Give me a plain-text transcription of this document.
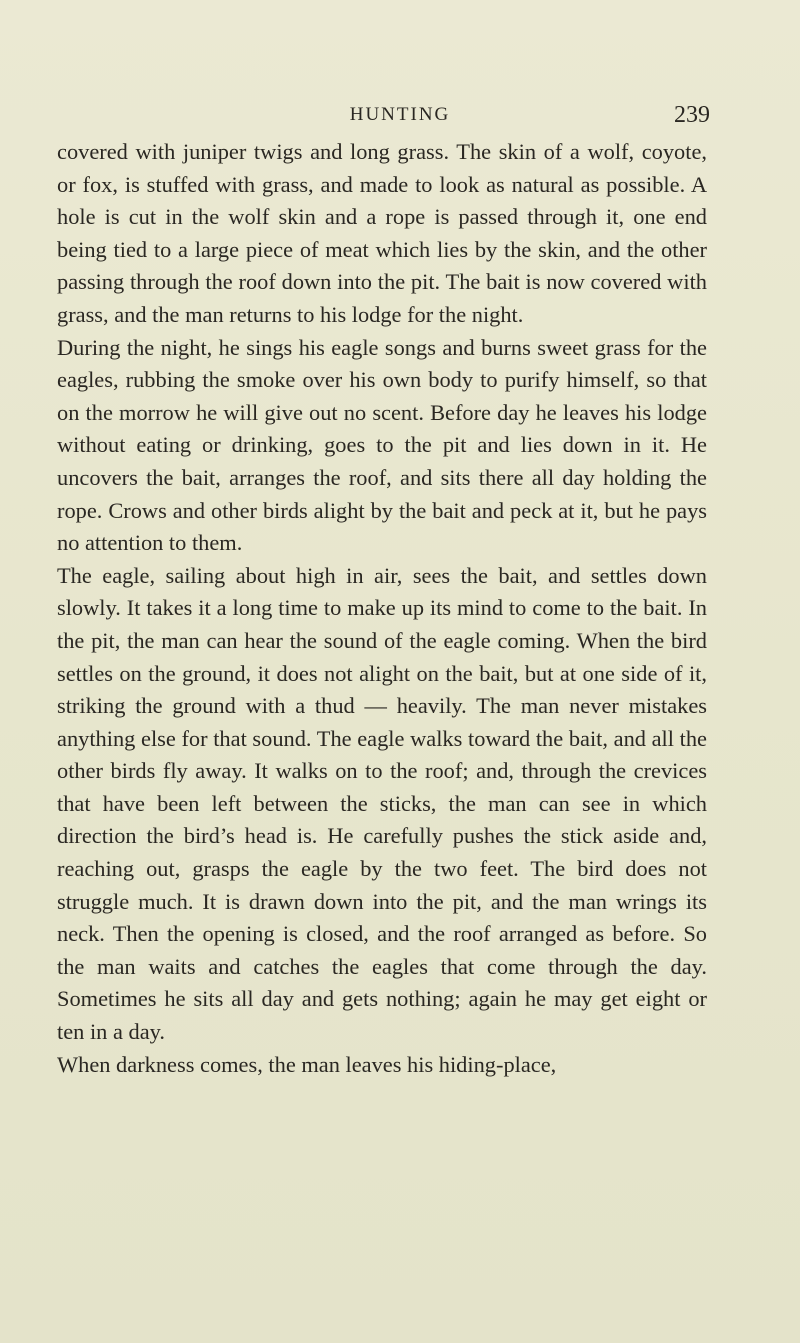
HUNTING	239

covered with juniper twigs and long grass. The skin of a wolf, coyote, or fox, is stuffed with grass, and made to look as natural as possible. A hole is cut in the wolf skin and a rope is passed through it, one end being tied to a large piece of meat which lies by the skin, and the other passing through the roof down into the pit. The bait is now covered with grass, and the man returns to his lodge for the night.

During the night, he sings his eagle songs and burns sweet grass for the eagles, rubbing the smoke over his own body to purify himself, so that on the morrow he will give out no scent. Before day he leaves his lodge without eating or drinking, goes to the pit and lies down in it. He uncovers the bait, arranges the roof, and sits there all day holding the rope. Crows and other birds alight by the bait and peck at it, but he pays no attention to them.

The eagle, sailing about high in air, sees the bait, and settles down slowly. It takes it a long time to make up its mind to come to the bait. In the pit, the man can hear the sound of the eagle coming. When the bird settles on the ground, it does not alight on the bait, but at one side of it, striking the ground with a thud — heavily. The man never mistakes anything else for that sound. The eagle walks toward the bait, and all the other birds fly away. It walks on to the roof; and, through the crevices that have been left between the sticks, the man can see in which direction the bird’s head is. He carefully pushes the stick aside and, reaching out, grasps the eagle by the two feet. The bird does not struggle much. It is drawn down into the pit, and the man wrings its neck. Then the opening is closed, and the roof arranged as before. So the man waits and catches the eagles that come through the day. Sometimes he sits all day and gets nothing; again he may get eight or ten in a day.

When darkness comes, the man leaves his hiding-place,
